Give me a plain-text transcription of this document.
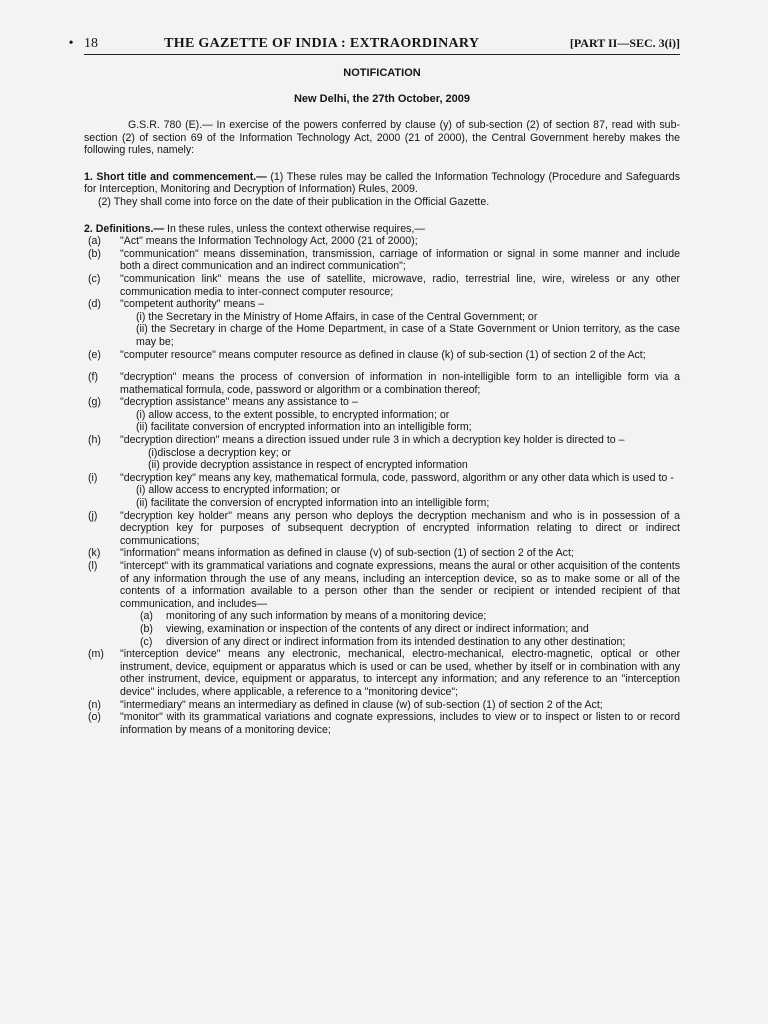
18
•	THE GAZETTE OF INDIA : EXTRAORDINARY	[PART II—SEC. 3(i)]
NOTIFICATION
New Delhi, the 27th October, 2009

G.S.R. 780 (E).— In exercise of the powers conferred by clause (y) of sub-section (2) of section 87, read with sub-section (2) of section 69 of the Information Technology Act, 2000 (21 of 2000), the Central Government hereby makes the following rules, namely:

1. Short title and commencement.— (1) These rules may be called the Information Technology (Procedure and Safeguards for Interception, Monitoring and Decryption of Information) Rules, 2009.

(2) They shall come into force on the date of their publication in the Official Gazette.

2. Definitions.— In these rules, unless the context otherwise requires,—

(a)	"Act" means the Information Technology Act, 2000 (21 of 2000);

(b)	"communication" means dissemination, transmission, carriage of information or signal in some manner and include both a direct communication and an indirect communication";

(c)	"communication link" means the use of satellite, microwave, radio, terrestrial line, wire, wireless or any other communication media to inter-connect computer resource;

(d)	"competent authority" means –

(i) the Secretary in the Ministry of Home Affairs, in case of the Central Government; or

(ii) the Secretary in charge of the Home Department, in case of a State Government or Union territory, as the case may be;

(e)	"computer resource" means computer resource as defined in clause (k) of sub-section (1) of section 2 of the Act;

(f)	"decryption" means the process of conversion of information in non-intelligible form to an intelligible form via a mathematical formula, code, password or algorithm or a combination thereof;

(g)	"decryption assistance" means any assistance to –

(i) allow access, to the extent possible, to encrypted information; or

(ii) facilitate conversion of encrypted information into an intelligible form;

(h)	"decryption direction" means a direction issued under rule 3 in which a decryption key holder is directed to –

(i)disclose a decryption key; or

(ii) provide decryption assistance in respect of encrypted information

(i)	"decryption key" means any key, mathematical formula, code, password, algorithm or any other data which is used to -

(i) allow access to encrypted information; or

(ii) facilitate the conversion of encrypted information into an intelligible form;

(j)	"decryption key holder" means any person who deploys the decryption mechanism and who is in possession of a decryption key for purposes of subsequent decryption of encrypted information relating to direct or indirect communications;

(k)	"information" means information as defined in clause (v) of sub-section (1) of section 2 of the Act;

(l)	"intercept" with its grammatical variations and cognate expressions, means the aural or other acquisition of the contents of any information through the use of any means, including an interception device, so as to make some or all of the contents of a information available to a person other than the sender or recipient or intended recipient of that communication, and includes—

(a)	monitoring of any such information by means of a monitoring device;

(b)	viewing, examination or inspection of the contents of any direct or indirect information; and

(c)	diversion of any direct or indirect information from its intended destination to any other destination;

(m)	"interception device" means any electronic, mechanical, electro-mechanical, electro-magnetic, optical or other instrument, device, equipment or apparatus which is used or can be used, whether by itself or in combination with any other instrument, device, equipment or apparatus, to intercept any information; and any reference to an "interception device" includes, where applicable, a reference to a "monitoring device";

(n)	"intermediary" means an intermediary as defined in clause (w) of sub-section (1) of section 2 of the Act;

(o)	"monitor" with its grammatical variations and cognate expressions, includes to view or to inspect or listen to or record information by means of a monitoring device;
